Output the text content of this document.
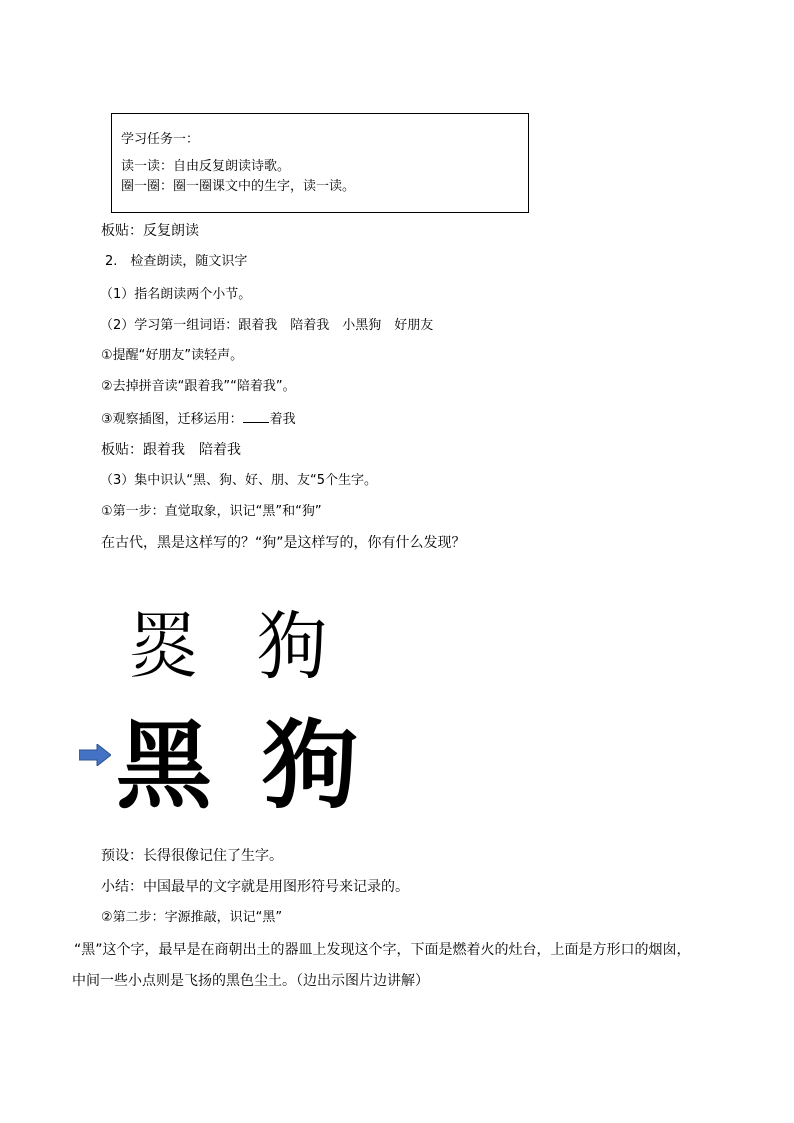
学习任务一：
读一读：自由反复朗读诗歌。
圈一圈：圈一圈课文中的生字，读一读。
板贴：反复朗读
2.　检查朗读，随文识字
（1）指名朗读两个小节。
（2）学习第一组词语：跟着我　陪着我　小黑狗　好朋友
①提醒“好朋友”读轻声。
②去掉拼音读“跟着我”“陪着我”。
③观察插图，迁移运用： 着我
板贴：跟着我　陪着我
（3）集中识认“黑、狗、好、朋、友“5个生字。
①第一步：直觉取象，识记“黑”和“狗”
在古代，黑是这样写的？“狗”是这样写的，你有什么发现？
𪐗 狗
黑 狗
预设：长得很像记住了生字。
小结：中国最早的文字就是用图形符号来记录的。
②第二步：字源推敲，识记“黑”
“黑”这个字，最早是在商朝出土的器皿上发现这个字，下面是燃着火的灶台，上面是方形口的烟囱，
中间一些小点则是飞扬的黑色尘土。（边出示图片边讲解）
